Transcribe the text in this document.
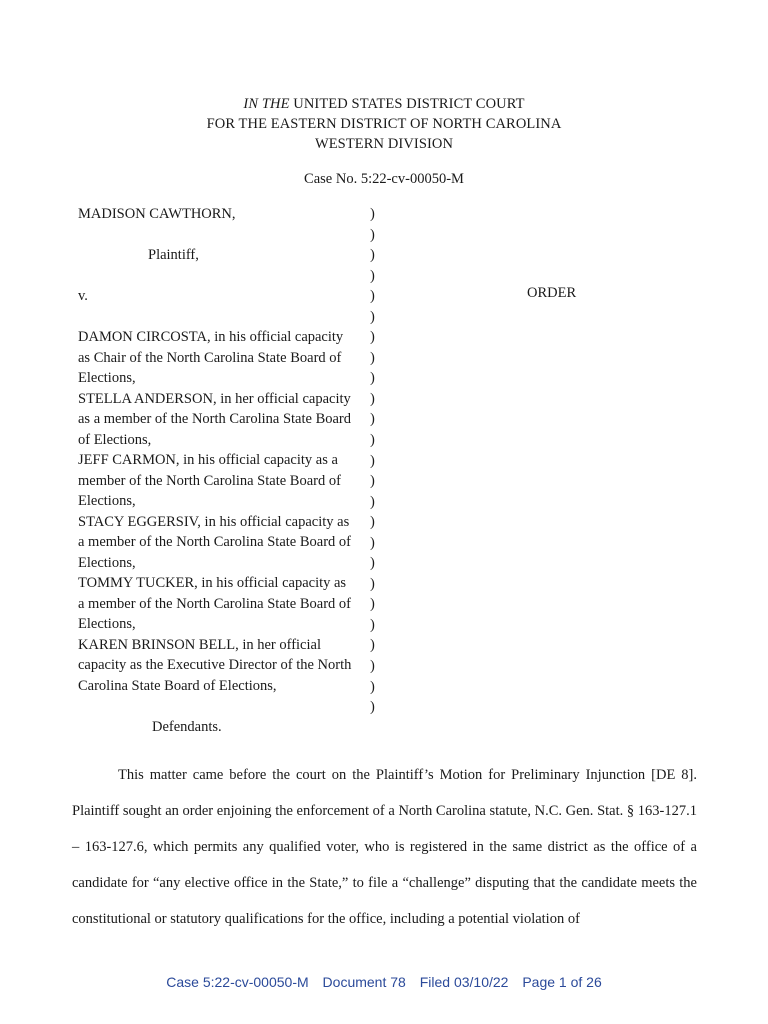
IN THE UNITED STATES DISTRICT COURT
FOR THE EASTERN DISTRICT OF NORTH CAROLINA
WESTERN DIVISION
Case No. 5:22-cv-00050-M
MADISON CAWTHORN,
Plaintiff,
v.
DAMON CIRCOSTA, in his official capacity
as Chair of the North Carolina State Board of
Elections,
STELLA ANDERSON, in her official capacity
as a member of the North Carolina State Board
of Elections,
JEFF CARMON, in his official capacity as a
member of the North Carolina State Board of
Elections,
STACY EGGERSIV, in his official capacity as
a member of the North Carolina State Board of
Elections,
TOMMY TUCKER, in his official capacity as
a member of the North Carolina State Board of
Elections,
KAREN BRINSON BELL, in her official
capacity as the Executive Director of the North
Carolina State Board of Elections,
Defendants.
)
)
)
)
)
)
)
)
)
)
)
)
)
)
)
)
)
)
)
)
)
)
)
)
)
ORDER

This matter came before the court on the Plaintiff’s Motion for Preliminary Injunction [DE 8]. Plaintiff sought an order enjoining the enforcement of a North Carolina statute, N.C. Gen. Stat. § 163-127.1 – 163-127.6, which permits any qualified voter, who is registered in the same district as the office of a candidate for “any elective office in the State,” to file a “challenge” disputing that the candidate meets the constitutional or statutory qualifications for the office, including a potential violation of

Case 5:22-cv-00050-M Document 78 Filed 03/10/22 Page 1 of 26
